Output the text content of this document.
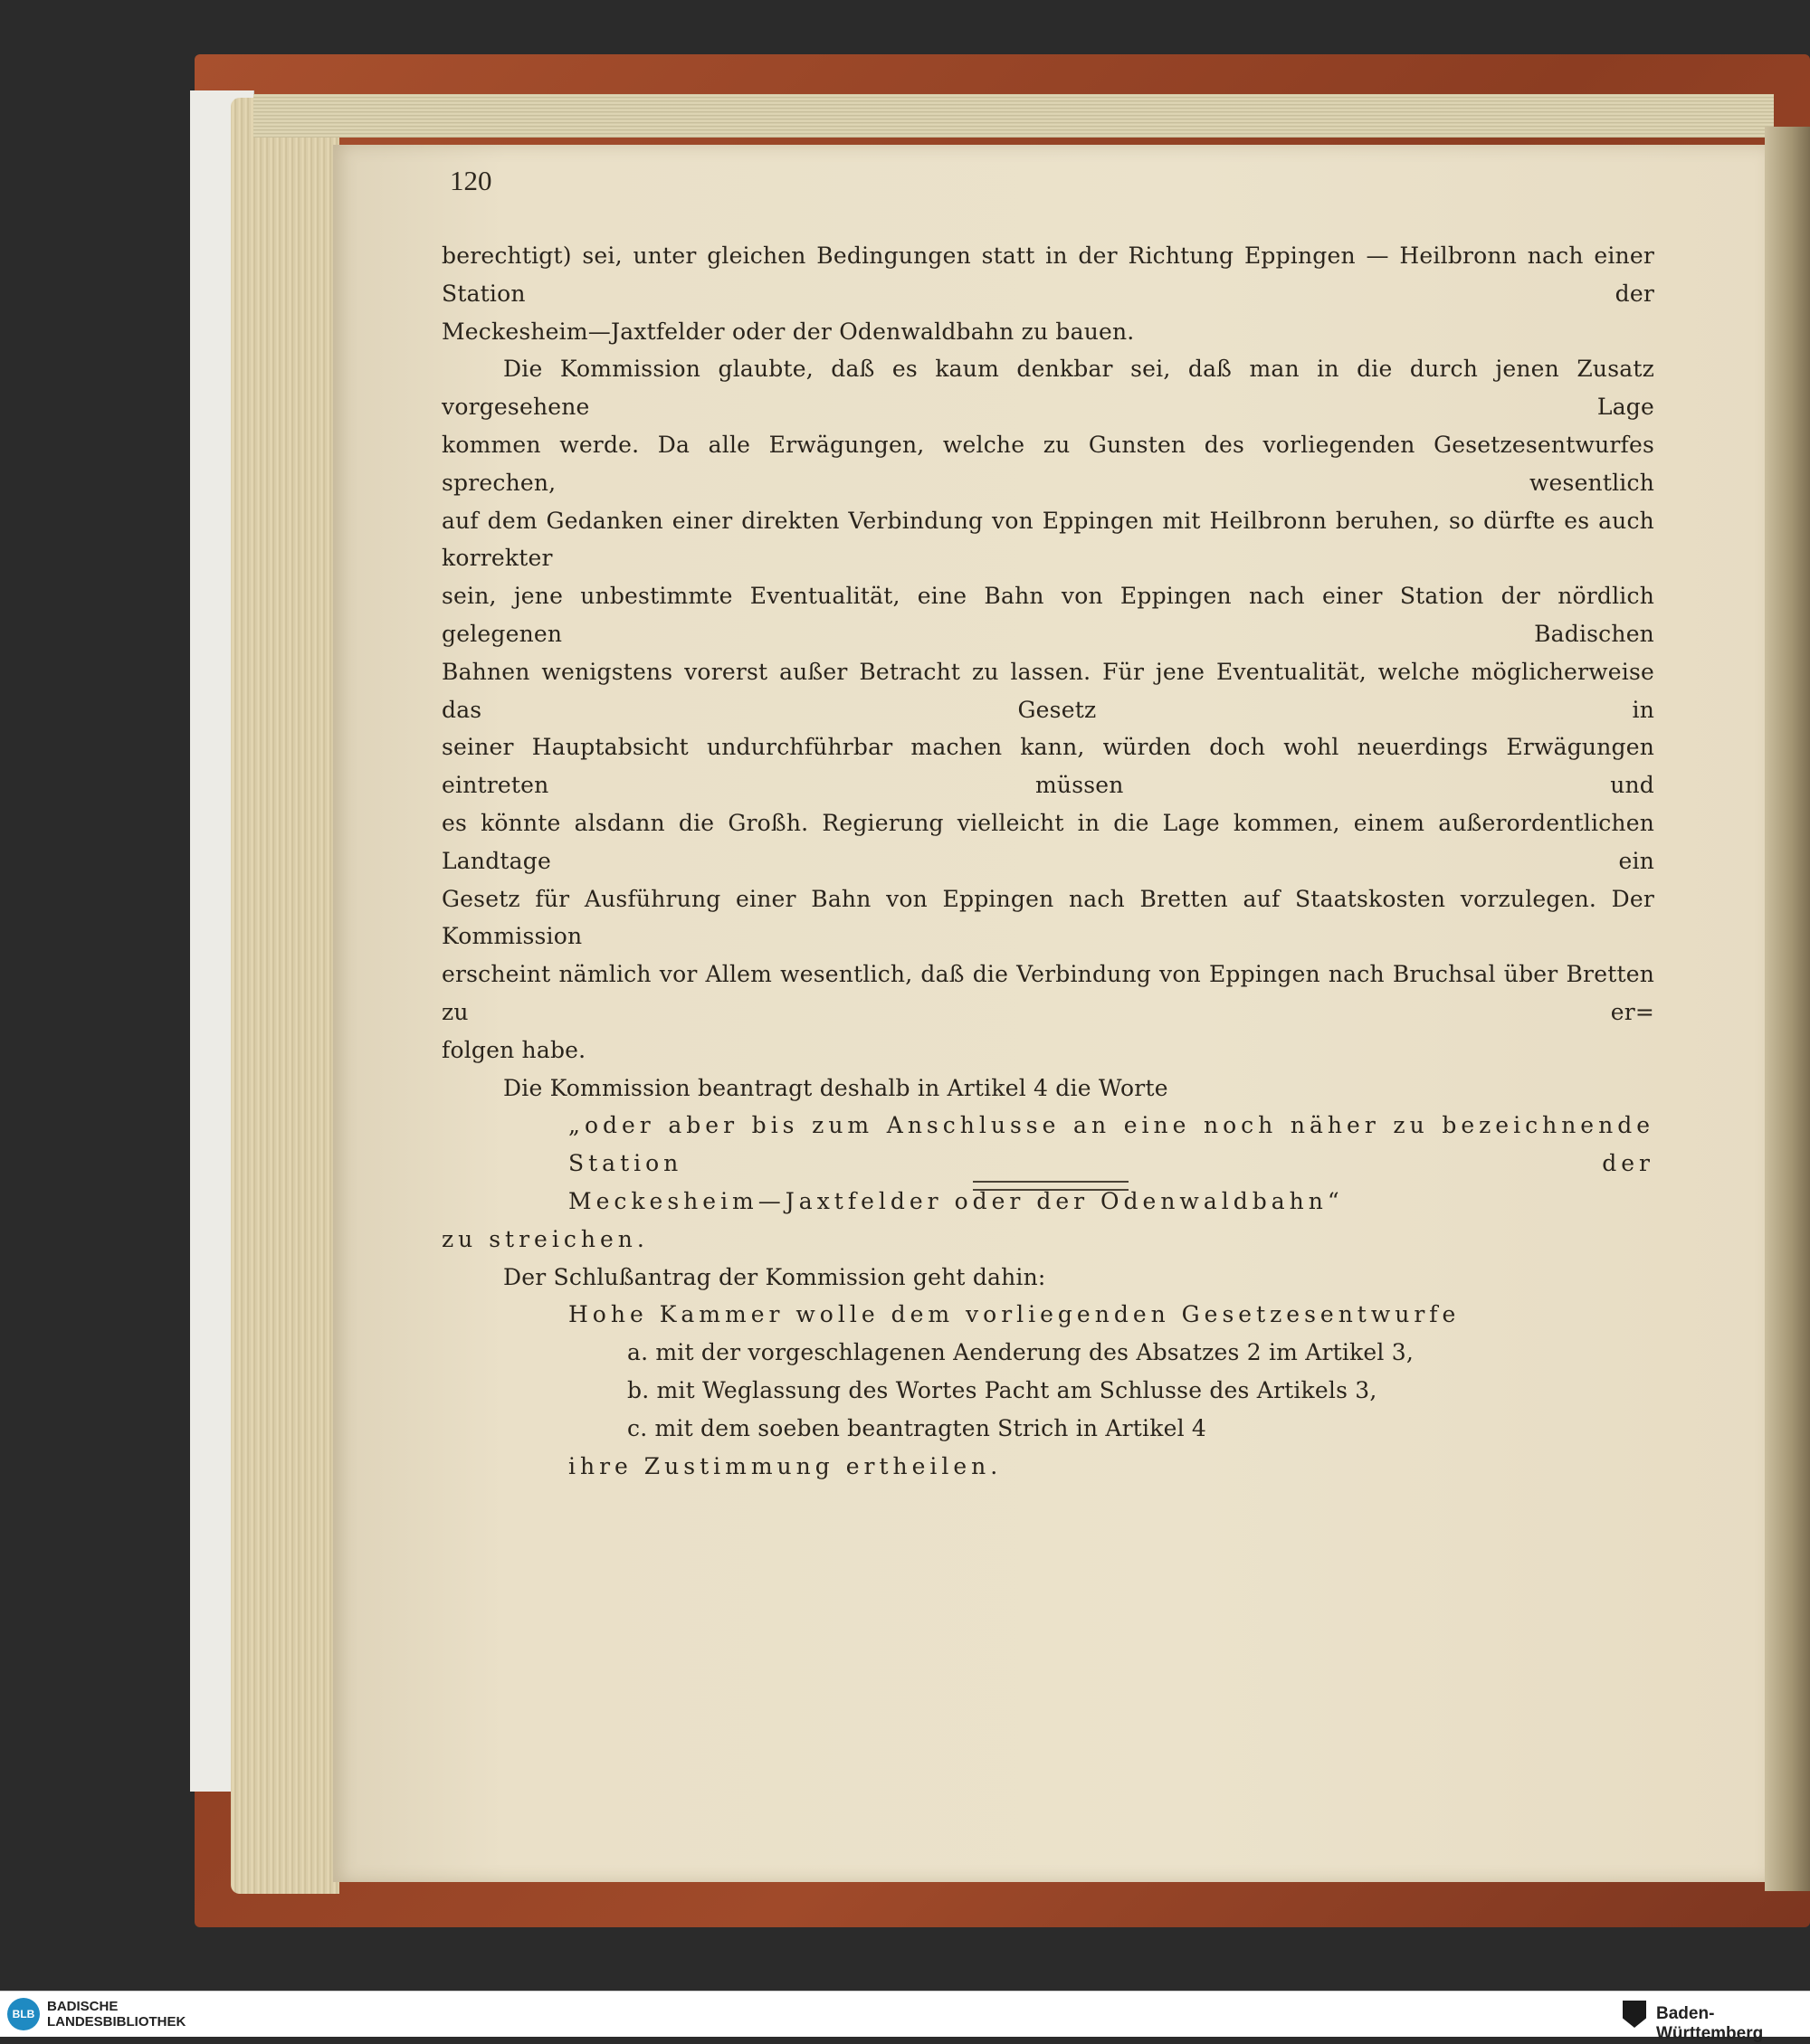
120

berechtigt) sei, unter gleichen Bedingungen statt in der Richtung Eppingen — Heilbronn nach einer Station der

Meckesheim—Jaxtfelder oder der Odenwaldbahn zu bauen.

Die Kommission glaubte, daß es kaum denkbar sei, daß man in die durch jenen Zusatz vorgesehene Lage

kommen werde. Da alle Erwägungen, welche zu Gunsten des vorliegenden Gesetzesentwurfes sprechen, wesentlich

auf dem Gedanken einer direkten Verbindung von Eppingen mit Heilbronn beruhen, so dürfte es auch korrekter

sein, jene unbestimmte Eventualität, eine Bahn von Eppingen nach einer Station der nördlich gelegenen Badischen

Bahnen wenigstens vorerst außer Betracht zu lassen. Für jene Eventualität, welche möglicherweise das Gesetz in

seiner Hauptabsicht undurchführbar machen kann, würden doch wohl neuerdings Erwägungen eintreten müssen und

es könnte alsdann die Großh. Regierung vielleicht in die Lage kommen, einem außerordentlichen Landtage ein

Gesetz für Ausführung einer Bahn von Eppingen nach Bretten auf Staatskosten vorzulegen. Der Kommission

erscheint nämlich vor Allem wesentlich, daß die Verbindung von Eppingen nach Bruchsal über Bretten zu er=

folgen habe.

Die Kommission beantragt deshalb in Artikel 4 die Worte

„oder aber bis zum Anschlusse an eine noch näher zu bezeichnende Station der

Meckesheim—Jaxtfelder oder der Odenwaldbahn“

zu streichen.

Der Schlußantrag der Kommission geht dahin:

Hohe Kammer wolle dem vorliegenden Gesetzesentwurfe

a. mit der vorgeschlagenen Aenderung des Absatzes 2 im Artikel 3,

b. mit Weglassung des Wortes Pacht am Schlusse des Artikels 3,

c. mit dem soeben beantragten Strich in Artikel 4

ihre Zustimmung ertheilen.

BLB BADISCHE
LANDESBIBLIOTHEK	Baden-Württemberg
